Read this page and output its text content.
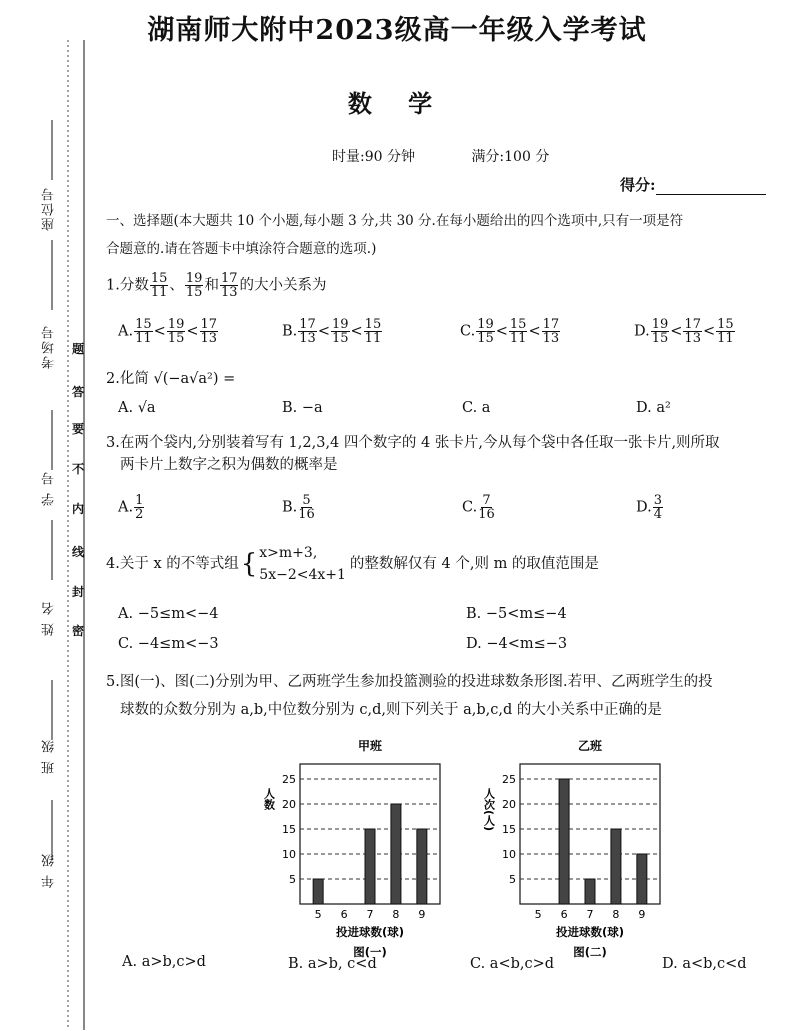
座位号
考场号
学 号
姓 名
班 级
年 级
题
答
要
不
内
线
封
密
湖南师大附中2023级高一年级入学考试
数 学
时量:90 分钟	满分:100 分
得分:
一、选择题(本大题共 10 个小题,每小题 3 分,共 30 分.在每小题给出的四个选项中,只有一项是符
合题意的.请在答题卡中填涂符合题意的选项.)
1.分数 $\frac{15}{11}$ 、 $\frac{19}{15}$ 和 $\frac{17}{13}$ 的大小关系为
A. $\frac{15}{11} < \frac{19}{15} < \frac{17}{13}$	B. $\frac{17}{13} < \frac{19}{15} < \frac{15}{11}$	C. $\frac{19}{15} < \frac{15}{11} < \frac{17}{13}$	D. $\frac{19}{15} < \frac{17}{13} < \frac{15}{11}$
2.化简 √(−a√a²) =
A. √a	B. −a	C. a	D. a²
3.在两个袋内,分别装着写有 1,2,3,4 四个数字的 4 张卡片,今从每个袋中各任取一张卡片,则所取
两卡片上数字之积为偶数的概率是
A. $\frac{1}{2}$	B. $\frac{5}{16}$	C. $\frac{7}{16}$	D. $\frac{3}{4}$
4.关于 x 的不等式组 { x>m+3,
5x−2<4x+1
的整数解仅有 4 个,则 m 的取值范围是
A. −5≤m<−4	B. −5<m≤−4
C. −4≤m<−3	D. −4<m≤−3
5.图(一)、图(二)分别为甲、乙两班学生参加投篮测验的投进球数条形图.若甲、乙两班学生的投
球数的众数分别为 a,b,中位数分别为 c,d,则下列关于 a,b,c,d 的大小关系中正确的是
甲班
5
10
15
20
25
人数
5 6 7 8 9
投进球数(球)
图(一)
乙班
5
10
15
20
25
人次(人)
5 6 7 8 9
投进球数(球)
图(二)
A. a>b,c>d	B. a>b, c<d	C. a<b,c>d	D. a<b,c<d
